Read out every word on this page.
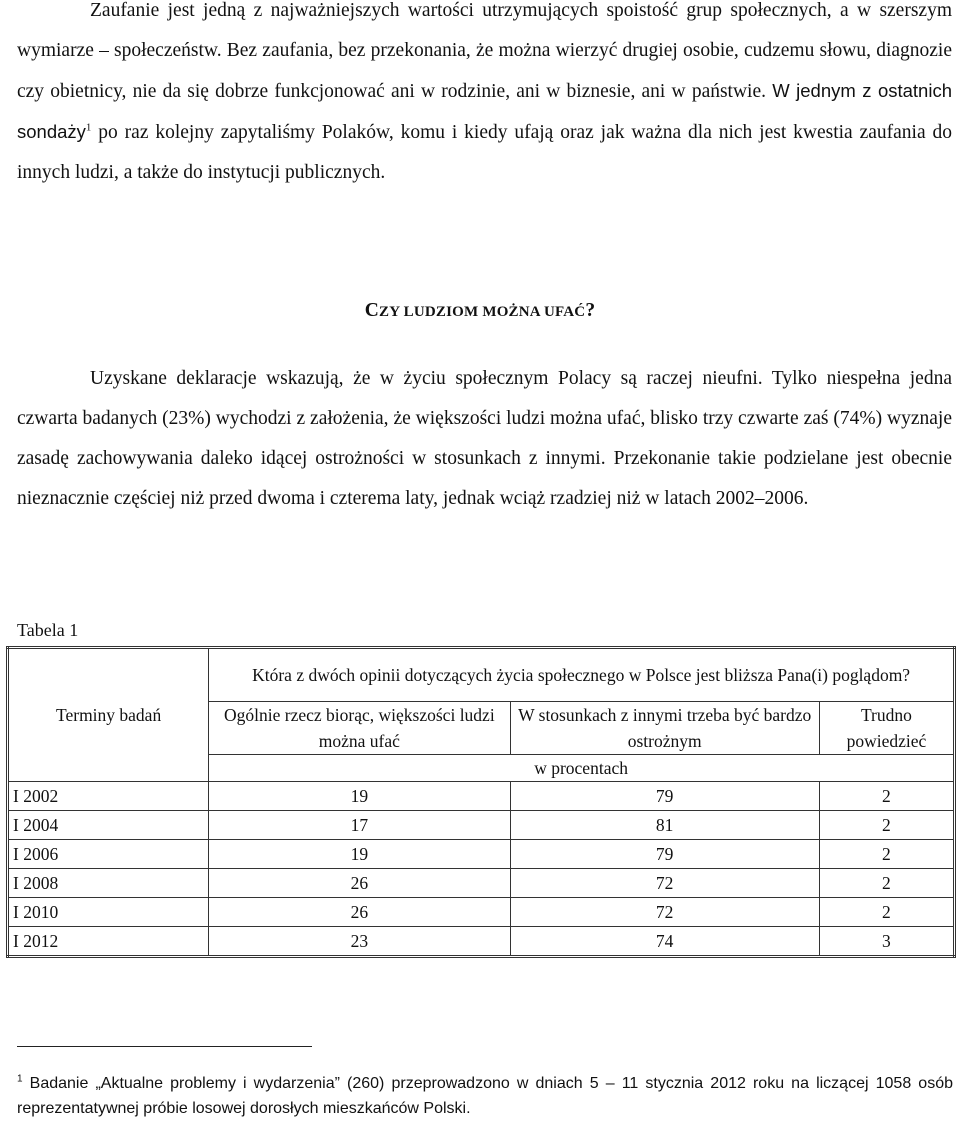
Zaufanie jest jedną z najważniejszych wartości utrzymujących spoistość grup społecznych, a w szerszym wymiarze – społeczeństw. Bez zaufania, bez przekonania, że można wierzyć drugiej osobie, cudzemu słowu, diagnozie czy obietnicy, nie da się dobrze funkcjonować ani w rodzinie, ani w biznesie, ani w państwie. W jednym z ostatnich sondaży$^1$ po raz kolejny zapytaliśmy Polaków, komu i kiedy ufają oraz jak ważna dla nich jest kwestia zaufania do innych ludzi, a także do instytucji publicznych.

CZY LUDZIOM MOŻNA UFAĆ?

Uzyskane deklaracje wskazują, że w życiu społecznym Polacy są raczej nieufni. Tylko niespełna jedna czwarta badanych (23%) wychodzi z założenia, że większości ludzi można ufać, blisko trzy czwarte zaś (74%) wyznaje zasadę zachowywania daleko idącej ostrożności w stosunkach z innymi. Przekonanie takie podzielane jest obecnie nieznacznie częściej niż przed dwoma i czterema laty, jednak wciąż rzadziej niż w latach 2002–2006.

Tabela 1

Terminy badań	Która z dwóch opinii dotyczących życia społecznego w Polsce jest bliższa Pana(i) poglądom?		
	Ogólnie rzecz biorąc, większości ludzi można ufać	W stosunkach z innymi trzeba być bardzo ostrożnym	Trudno powiedzieć
	w procentach		
I 2002	19	79	2
I 2004	17	81	2
I 2006	19	79	2
I 2008	26	72	2
I 2010	26	72	2
I 2012	23	74	3

$^1$ Badanie „Aktualne problemy i wydarzenia” (260) przeprowadzono w dniach 5 – 11 stycznia 2012 roku na liczącej 1058 osób reprezentatywnej próbie losowej dorosłych mieszkańców Polski.
